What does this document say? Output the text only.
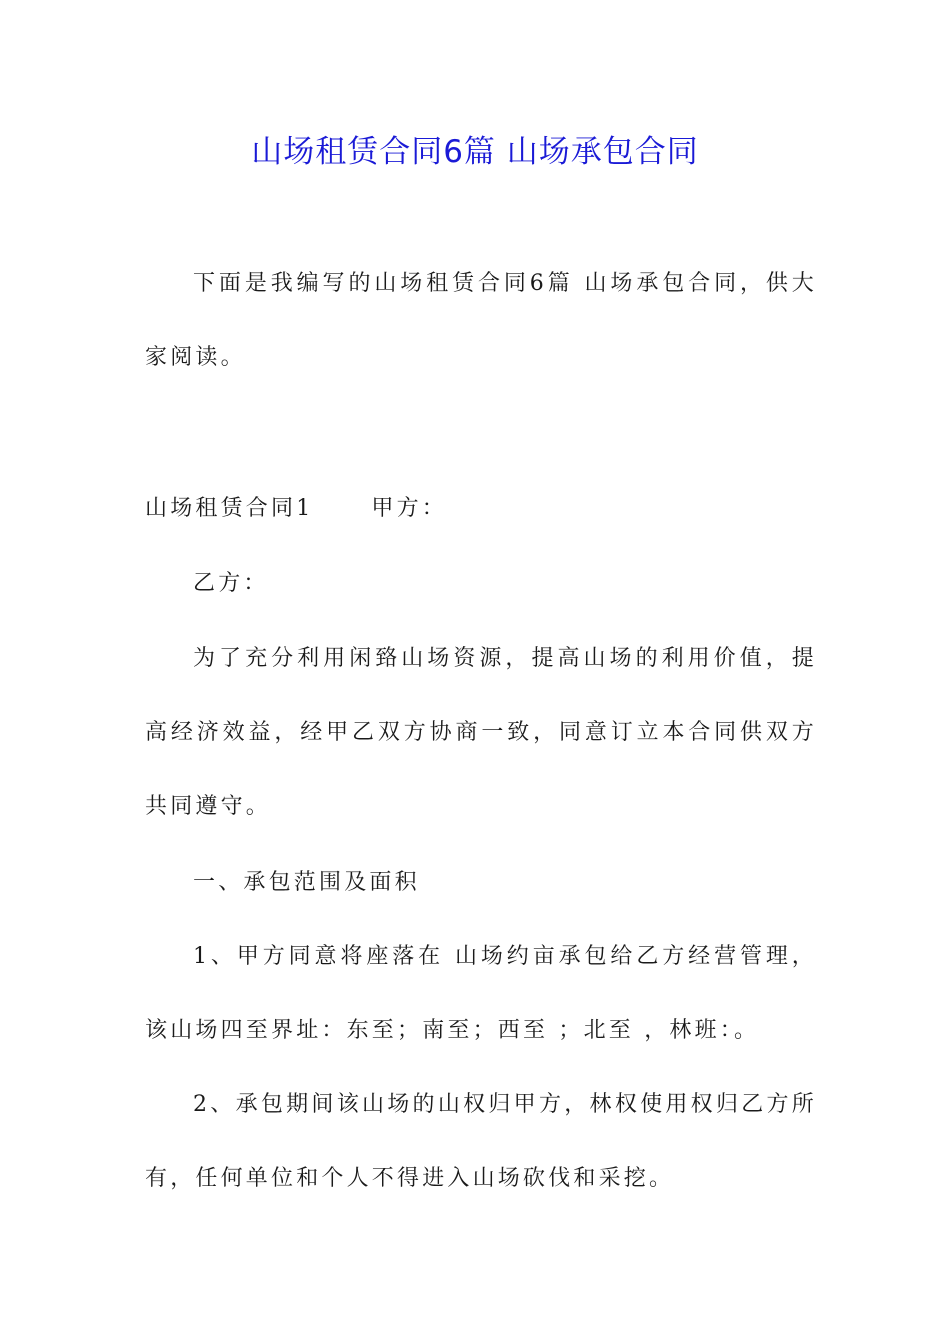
山场租赁合同6篇 山场承包合同

下面是我编写的山场租赁合同6篇 山场承包合同，供大家阅读。

山场租赁合同1	甲方：

乙方：

为了充分利用闲臵山场资源，提高山场的利用价值，提高经济效益，经甲乙双方协商一致，同意订立本合同供双方共同遵守。

一、承包范围及面积

1、甲方同意将座落在 山场约亩承包给乙方经营管理，该山场四至界址：东至；南至；西至 ；北至 ，林班：。

2、承包期间该山场的山权归甲方，林权使用权归乙方所有，任何单位和个人不得进入山场砍伐和采挖。
